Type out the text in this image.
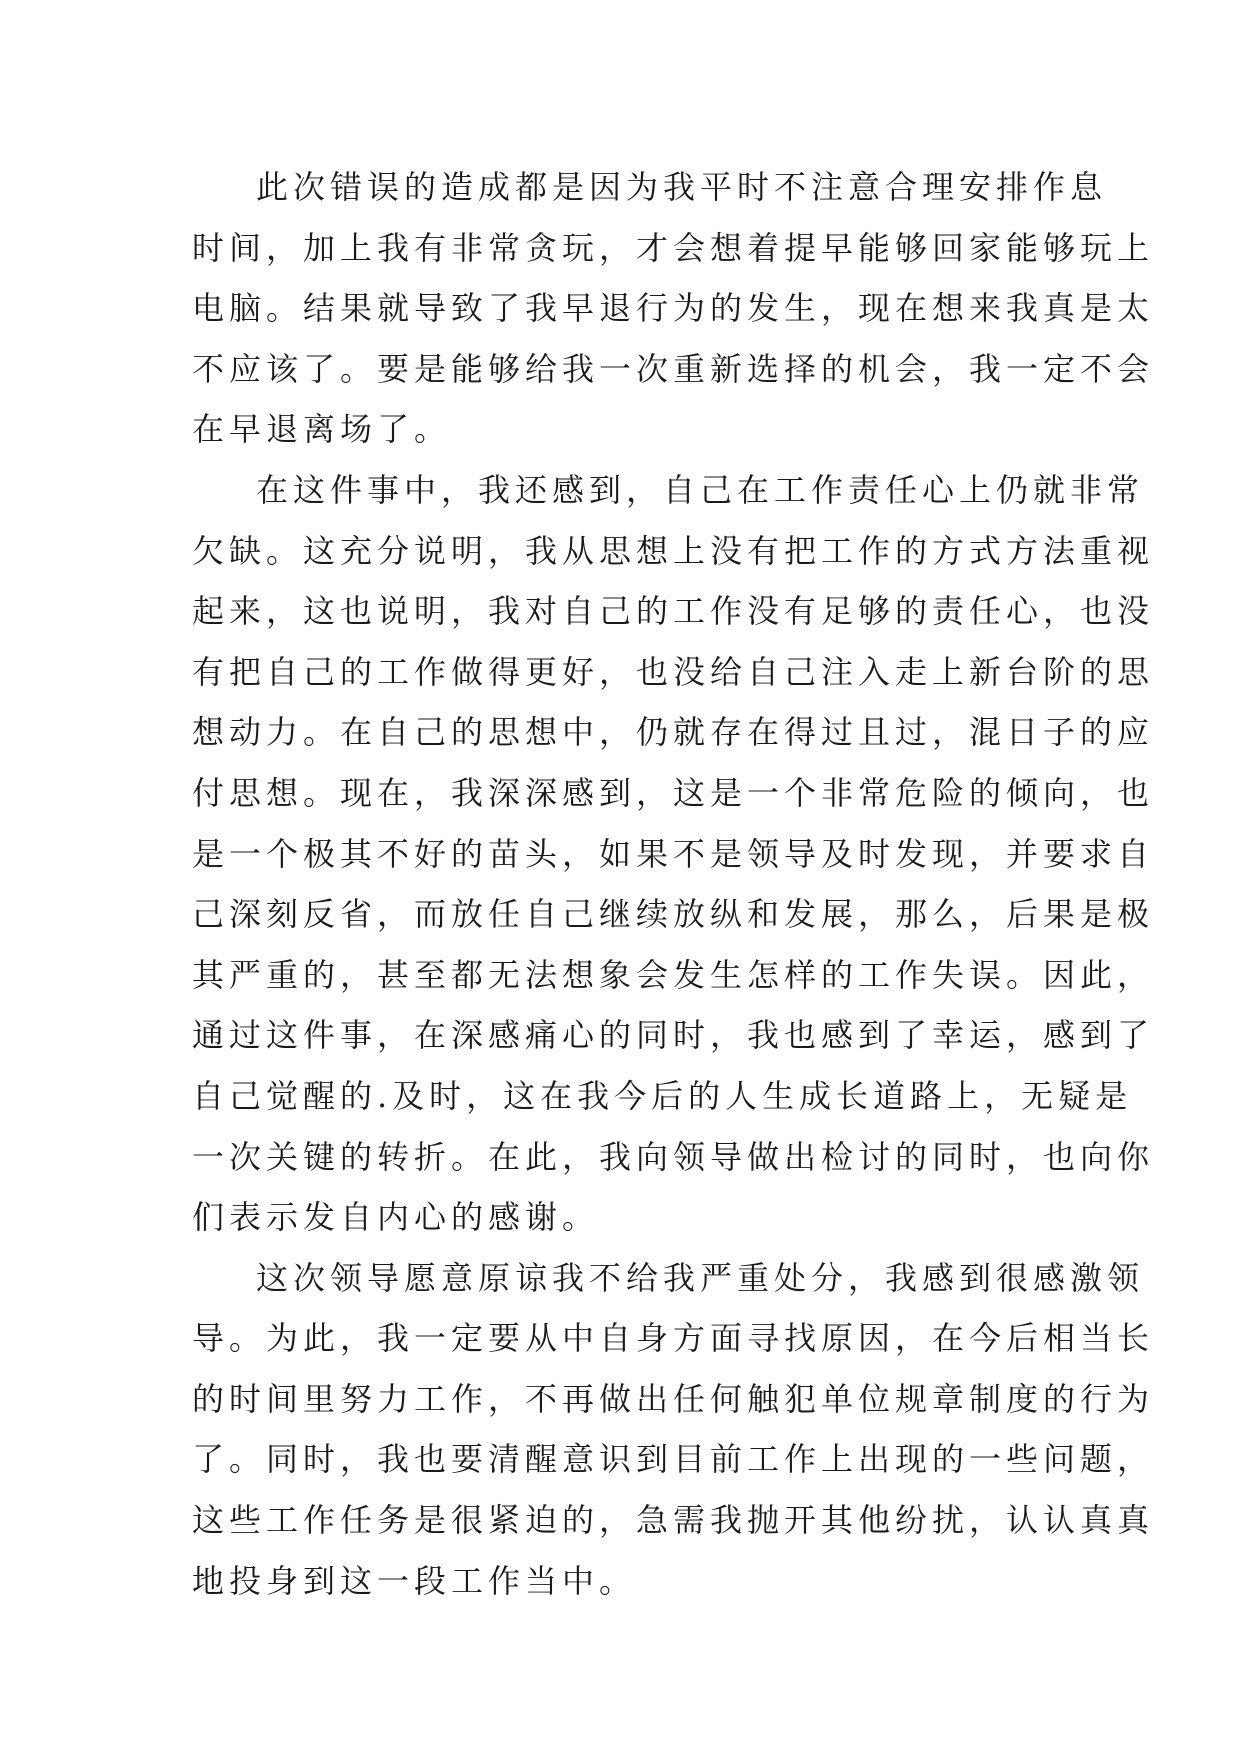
此次错误的造成都是因为我平时不注意合理安排作息
时间，加上我有非常贪玩，才会想着提早能够回家能够玩上
电脑。结果就导致了我早退行为的发生，现在想来我真是太
不应该了。要是能够给我一次重新选择的机会，我一定不会
在早退离场了。
在这件事中，我还感到，自己在工作责任心上仍就非常
欠缺。这充分说明，我从思想上没有把工作的方式方法重视
起来，这也说明，我对自己的工作没有足够的责任心，也没
有把自己的工作做得更好，也没给自己注入走上新台阶的思
想动力。在自己的思想中，仍就存在得过且过，混日子的应
付思想。现在，我深深感到，这是一个非常危险的倾向，也
是一个极其不好的苗头，如果不是领导及时发现，并要求自
己深刻反省，而放任自己继续放纵和发展，那么，后果是极
其严重的，甚至都无法想象会发生怎样的工作失误。因此，
通过这件事，在深感痛心的同时，我也感到了幸运，感到了
自己觉醒的.及时，这在我今后的人生成长道路上，无疑是
一次关键的转折。在此，我向领导做出检讨的同时，也向你
们表示发自内心的感谢。
这次领导愿意原谅我不给我严重处分，我感到很感激领
导。为此，我一定要从中自身方面寻找原因，在今后相当长
的时间里努力工作，不再做出任何触犯单位规章制度的行为
了。同时，我也要清醒意识到目前工作上出现的一些问题，
这些工作任务是很紧迫的，急需我抛开其他纷扰，认认真真
地投身到这一段工作当中。
